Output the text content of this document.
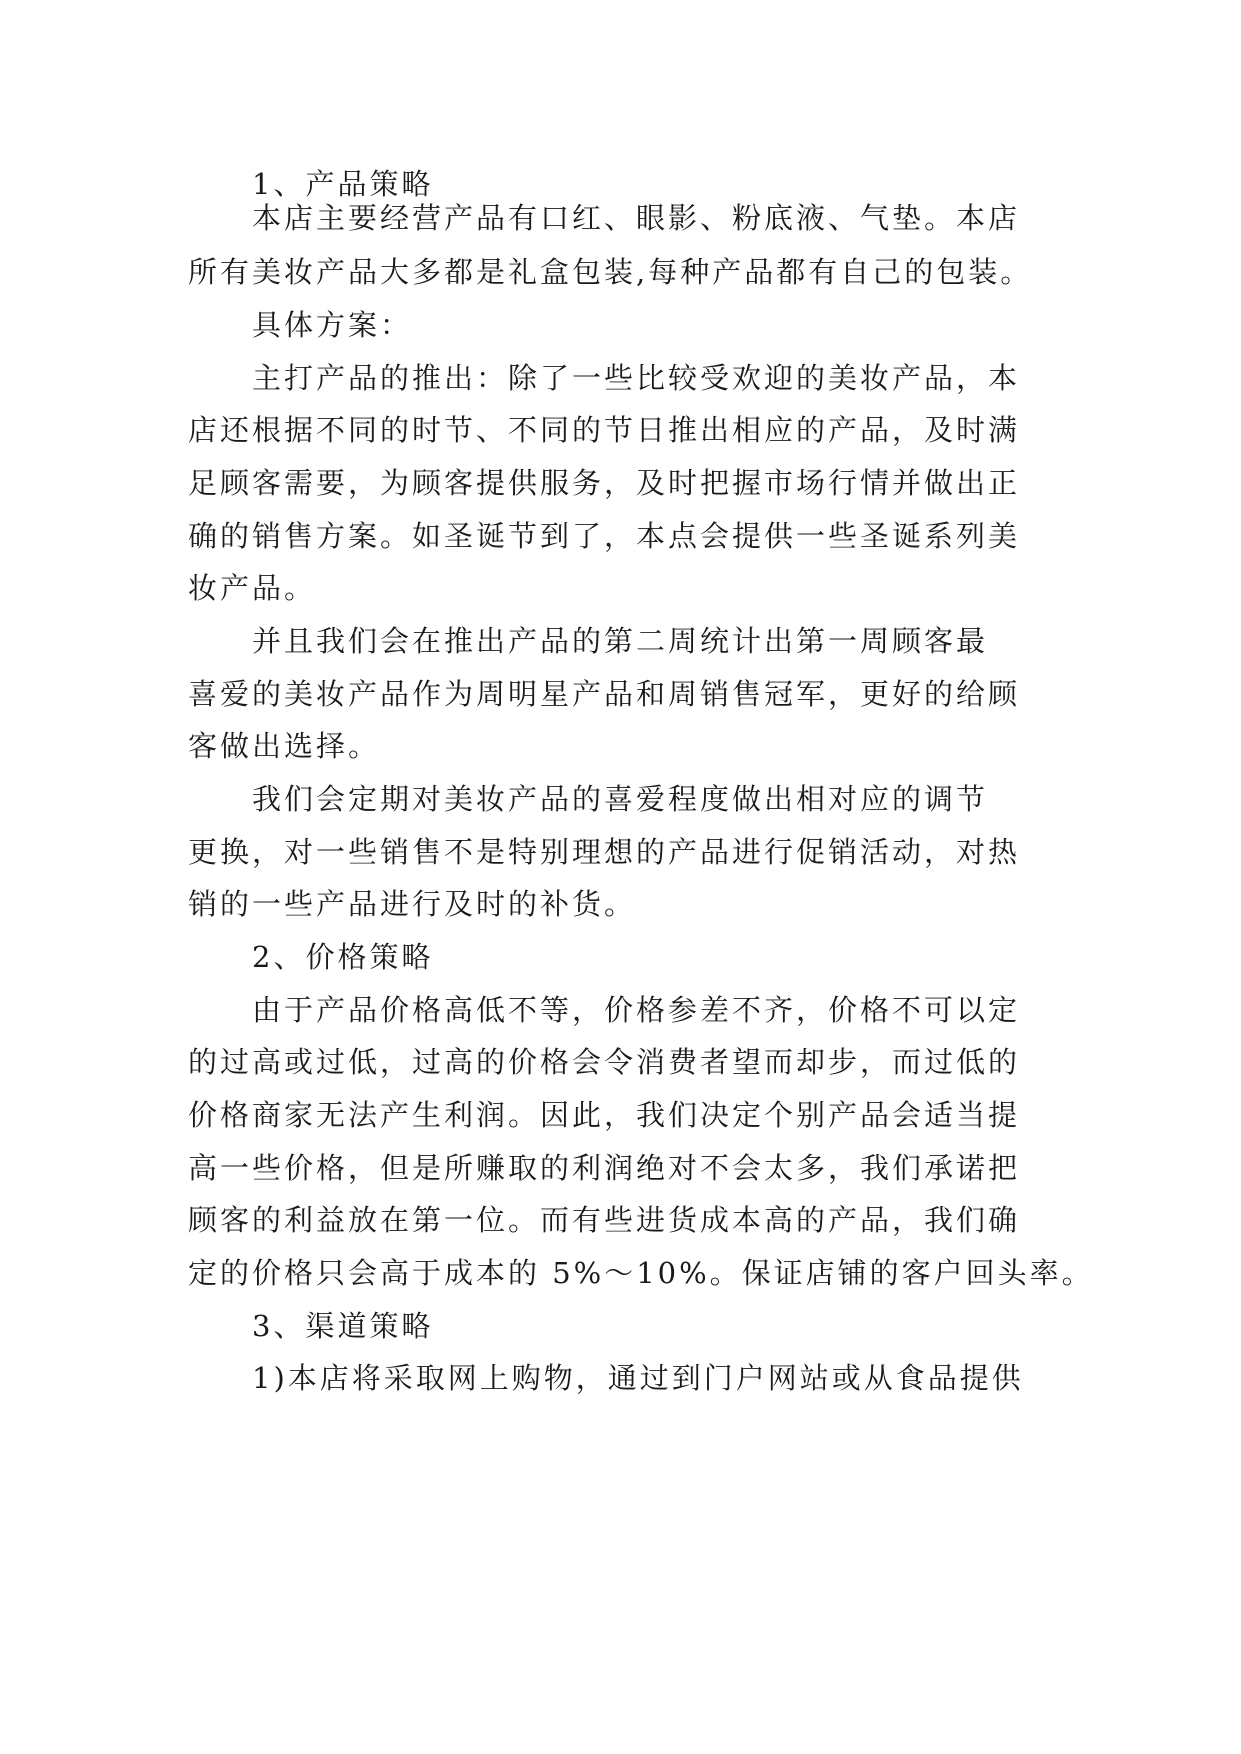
1、产品策略
本店主要经营产品有口红、眼影、粉底液、气垫。本店
所有美妆产品大多都是礼盒包装,每种产品都有自己的包装。
具体方案：
主打产品的推出：除了一些比较受欢迎的美妆产品，本
店还根据不同的时节、不同的节日推出相应的产品，及时满
足顾客需要，为顾客提供服务，及时把握市场行情并做出正
确的销售方案。如圣诞节到了，本点会提供一些圣诞系列美
妆产品。
并且我们会在推出产品的第二周统计出第一周顾客最
喜爱的美妆产品作为周明星产品和周销售冠军，更好的给顾
客做出选择。
我们会定期对美妆产品的喜爱程度做出相对应的调节
更换，对一些销售不是特别理想的产品进行促销活动，对热
销的一些产品进行及时的补货。
2、价格策略
由于产品价格高低不等，价格参差不齐，价格不可以定
的过高或过低，过高的价格会令消费者望而却步，而过低的
价格商家无法产生利润。因此，我们决定个别产品会适当提
高一些价格，但是所赚取的利润绝对不会太多，我们承诺把
顾客的利益放在第一位。而有些进货成本高的产品，我们确
定的价格只会高于成本的 5%～10%。保证店铺的客户回头率。
3、渠道策略
1)本店将采取网上购物，通过到门户网站或从食品提供
